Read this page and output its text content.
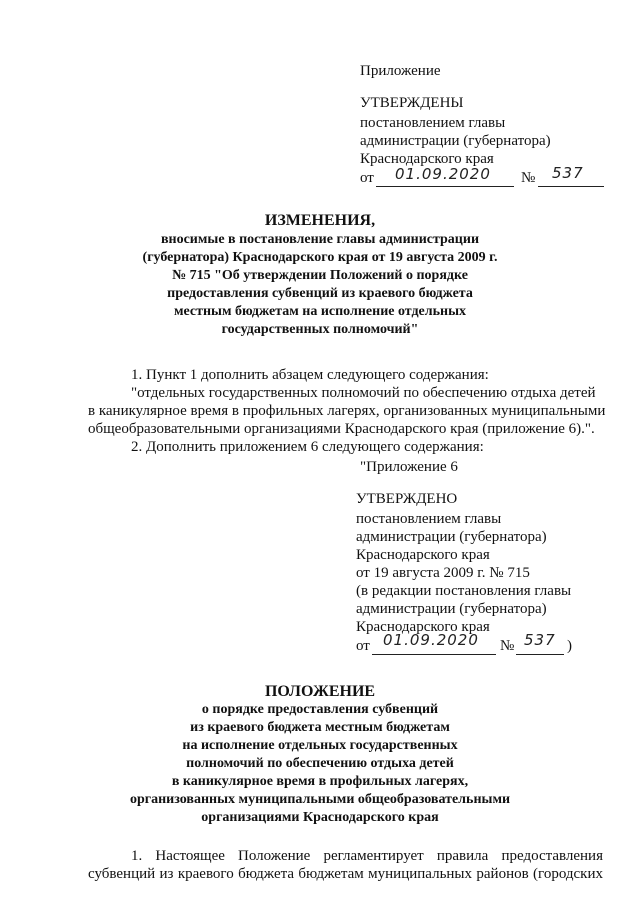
Приложение
УТВЕРЖДЕНЫ
постановлением главы
администрации (губернатора)
Краснодарского края
от 01.09.2020 № 537
ИЗМЕНЕНИЯ,
вносимые в постановление главы администрации
(губернатора) Краснодарского края от 19 августа 2009 г.
№ 715 "Об утверждении Положений о порядке
предоставления субвенций из краевого бюджета
местным бюджетам на исполнение отдельных
государственных полномочий"
1. Пункт 1 дополнить абзацем следующего содержания:
"отдельных государственных полномочий по обеспечению отдыха детей
в каникулярное время в профильных лагерях, организованных муниципальными
общеобразовательными организациями Краснодарского края (приложение 6).".
2. Дополнить приложением 6 следующего содержания:
"Приложение 6
УТВЕРЖДЕНО
постановлением главы
администрации (губернатора)
Краснодарского края
от 19 августа 2009 г. № 715
(в редакции постановления главы
администрации (губернатора)
Краснодарского края
от 01.09.2020 № 537 )
ПОЛОЖЕНИЕ
о порядке предоставления субвенций
из краевого бюджета местным бюджетам
на исполнение отдельных государственных
полномочий по обеспечению отдыха детей
в каникулярное время в профильных лагерях,
организованных муниципальными общеобразовательными
организациями Краснодарского края
1. Настоящее Положение регламентирует правила предоставления
субвенций из краевого бюджета бюджетам муниципальных районов (городских
